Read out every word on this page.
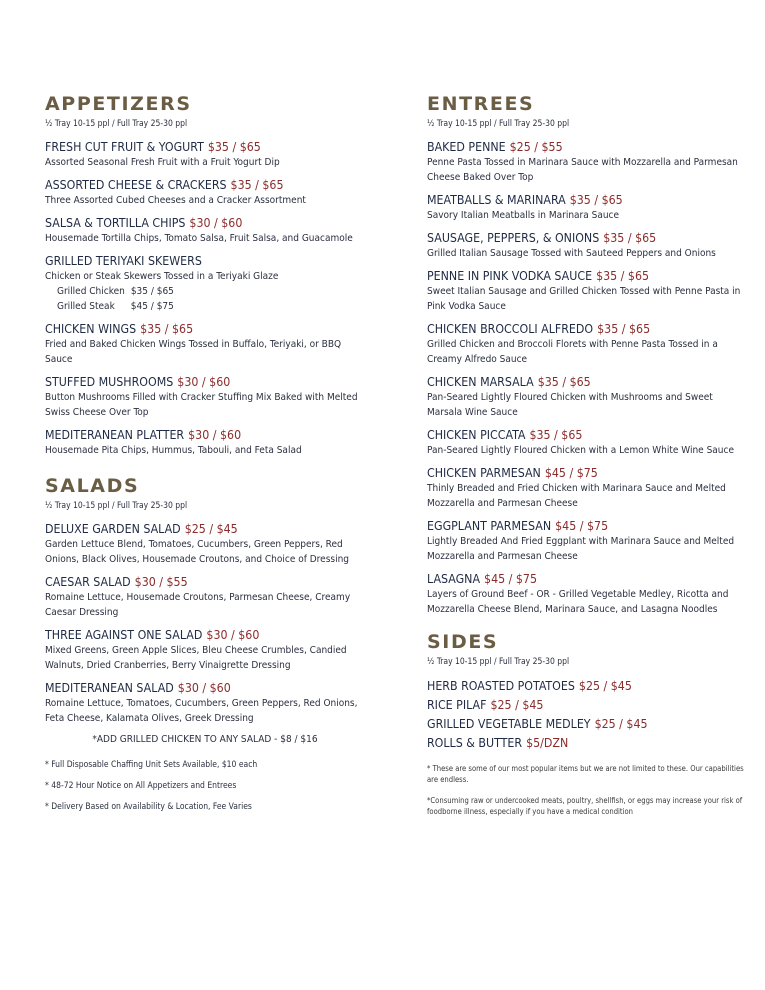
APPETIZERS
½ Tray 10-15 ppl / Full Tray 25-30 ppl
FRESH CUT FRUIT & YOGURT $35 / $65
Assorted Seasonal Fresh Fruit with a Fruit Yogurt Dip
ASSORTED CHEESE & CRACKERS $35 / $65
Three Assorted Cubed Cheeses and a Cracker Assortment
SALSA & TORTILLA CHIPS $30 / $60
Housemade Tortilla Chips, Tomato Salsa, Fruit Salsa, and Guacamole
GRILLED TERIYAKI SKEWERS
Chicken or Steak Skewers Tossed in a Teriyaki Glaze
Grilled Chicken $35 / $65
Grilled Steak $45 / $75
CHICKEN WINGS $35 / $65
Fried and Baked Chicken Wings Tossed in Buffalo, Teriyaki, or BBQ Sauce
STUFFED MUSHROOMS $30 / $60
Button Mushrooms Filled with Cracker Stuffing Mix Baked with Melted Swiss Cheese Over Top
MEDITERANEAN PLATTER $30 / $60
Housemade Pita Chips, Hummus, Tabouli, and Feta Salad
SALADS
½ Tray 10-15 ppl / Full Tray 25-30 ppl
DELUXE GARDEN SALAD $25 / $45
Garden Lettuce Blend, Tomatoes, Cucumbers, Green Peppers, Red Onions, Black Olives, Housemade Croutons, and Choice of Dressing
CAESAR SALAD $30 / $55
Romaine Lettuce, Housemade Croutons, Parmesan Cheese, Creamy Caesar Dressing
THREE AGAINST ONE SALAD $30 / $60
Mixed Greens, Green Apple Slices, Bleu Cheese Crumbles, Candied Walnuts, Dried Cranberries, Berry Vinaigrette Dressing
MEDITERANEAN SALAD $30 / $60
Romaine Lettuce, Tomatoes, Cucumbers, Green Peppers, Red Onions, Feta Cheese, Kalamata Olives, Greek Dressing
*ADD GRILLED CHICKEN TO ANY SALAD - $8 / $16
* Full Disposable Chaffing Unit Sets Available, $10 each
* 48-72 Hour Notice on All Appetizers and Entrees
* Delivery Based on Availability & Location, Fee Varies
ENTREES
½ Tray 10-15 ppl / Full Tray 25-30 ppl
BAKED PENNE $25 / $55
Penne Pasta Tossed in Marinara Sauce with Mozzarella and Parmesan Cheese Baked Over Top
MEATBALLS & MARINARA $35 / $65
Savory Italian Meatballs in Marinara Sauce
SAUSAGE, PEPPERS, & ONIONS $35 / $65
Grilled Italian Sausage Tossed with Sauteed Peppers and Onions
PENNE IN PINK VODKA SAUCE $35 / $65
Sweet Italian Sausage and Grilled Chicken Tossed with Penne Pasta in Pink Vodka Sauce
CHICKEN BROCCOLI ALFREDO $35 / $65
Grilled Chicken and Broccoli Florets with Penne Pasta Tossed in a Creamy Alfredo Sauce
CHICKEN MARSALA $35 / $65
Pan-Seared Lightly Floured Chicken with Mushrooms and Sweet Marsala Wine Sauce
CHICKEN PICCATA $35 / $65
Pan-Seared Lightly Floured Chicken with a Lemon White Wine Sauce
CHICKEN PARMESAN $45 / $75
Thinly Breaded and Fried Chicken with Marinara Sauce and Melted Mozzarella and Parmesan Cheese
EGGPLANT PARMESAN $45 / $75
Lightly Breaded And Fried Eggplant with Marinara Sauce and Melted Mozzarella and Parmesan Cheese
LASAGNA $45 / $75
Layers of Ground Beef - OR - Grilled Vegetable Medley, Ricotta and Mozzarella Cheese Blend, Marinara Sauce, and Lasagna Noodles
SIDES
½ Tray 10-15 ppl / Full Tray 25-30 ppl
HERB ROASTED POTATOES $25 / $45
RICE PILAF $25 / $45
GRILLED VEGETABLE MEDLEY $25 / $45
ROLLS & BUTTER $5/DZN
* These are some of our most popular items but we are not limited to these. Our capabilities are endless.
*Consuming raw or undercooked meats, poultry, shellfish, or eggs may increase your risk of foodborne illness, especially if you have a medical condition
